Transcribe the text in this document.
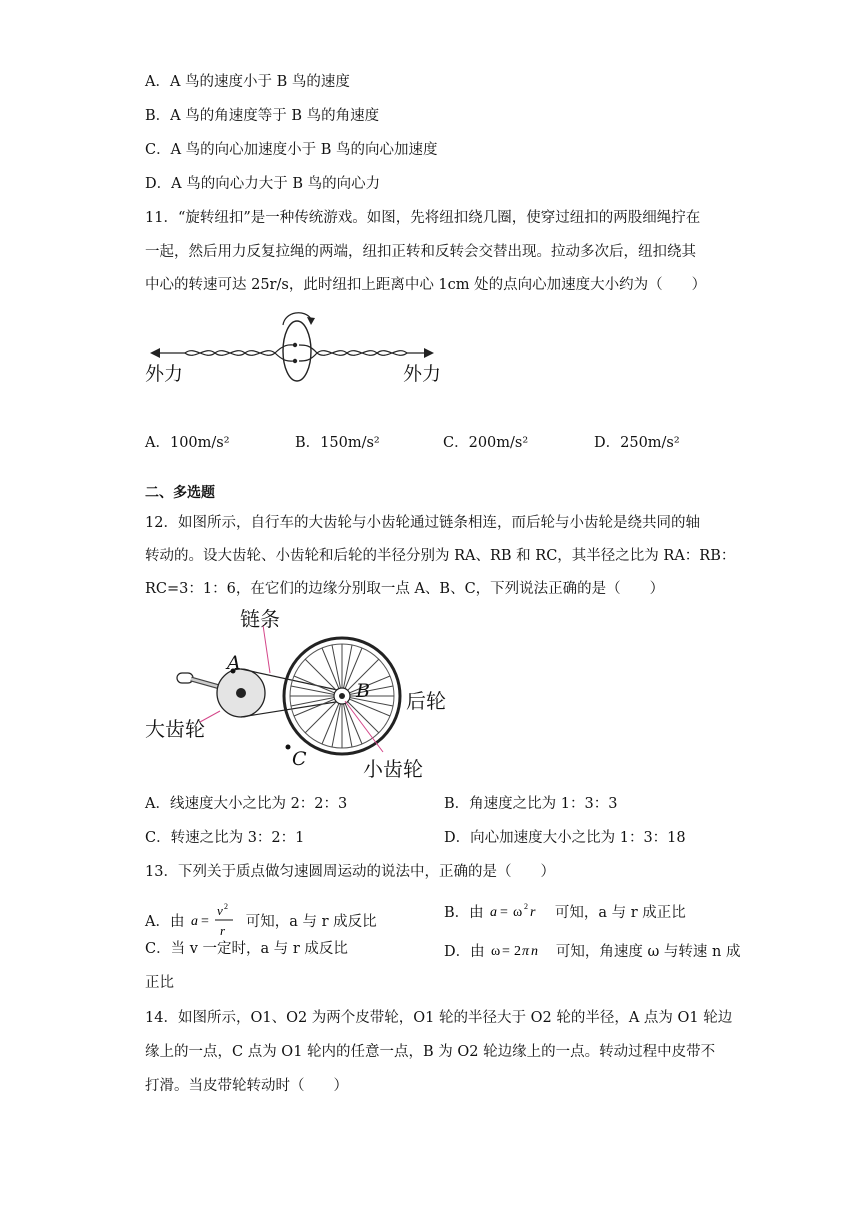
A．A 鸟的速度小于 B 鸟的速度
B．A 鸟的角速度等于 B 鸟的角速度
C．A 鸟的向心加速度小于 B 鸟的向心加速度
D．A 鸟的向心力大于 B 鸟的向心力
11．“旋转纽扣”是一种传统游戏。如图，先将纽扣绕几圈，使穿过纽扣的两股细绳拧在
一起，然后用力反复拉绳的两端，纽扣正转和反转会交替出现。拉动多次后，纽扣绕其
中心的转速可达 25r/s，此时纽扣上距离中心 1cm 处的点向心加速度大小约为（　　）
外力	外力
A．100m/s²	B．150m/s²	C．200m/s²	D．250m/s²
二、多选题
12．如图所示，自行车的大齿轮与小齿轮通过链条相连，而后轮与小齿轮是绕共同的轴
转动的。设大齿轮、小齿轮和后轮的半径分别为 RA、RB 和 RC，其半径之比为 RA：RB：
RC=3：1：6，在它们的边缘分别取一点 A、B、C，下列说法正确的是（　　）
链条
A
B 后轮
大齿轮
C	小齿轮
A．线速度大小之比为 2：2：3	B．角速度之比为 1：3：3
C．转速之比为 3：2：1	D．向心加速度大小之比为 1：3：18
13．下列关于质点做匀速圆周运动的说法中，正确的是（　　）
A．由 a =
v 2
r
可知，a 与 r 成反比
B．由 a = ω 2 r 可知，a 与 r 成正比
C．当 v 一定时，a 与 r 成反比	D．由 ω = 2 π n 可知，角速度 ω 与转速 n 成
正比
14．如图所示，O1、O2 为两个皮带轮，O1 轮的半径大于 O2 轮的半径，A 点为 O1 轮边
缘上的一点，C 点为 O1 轮内的任意一点，B 为 O2 轮边缘上的一点。转动过程中皮带不
打滑。当皮带轮转动时（　　）
